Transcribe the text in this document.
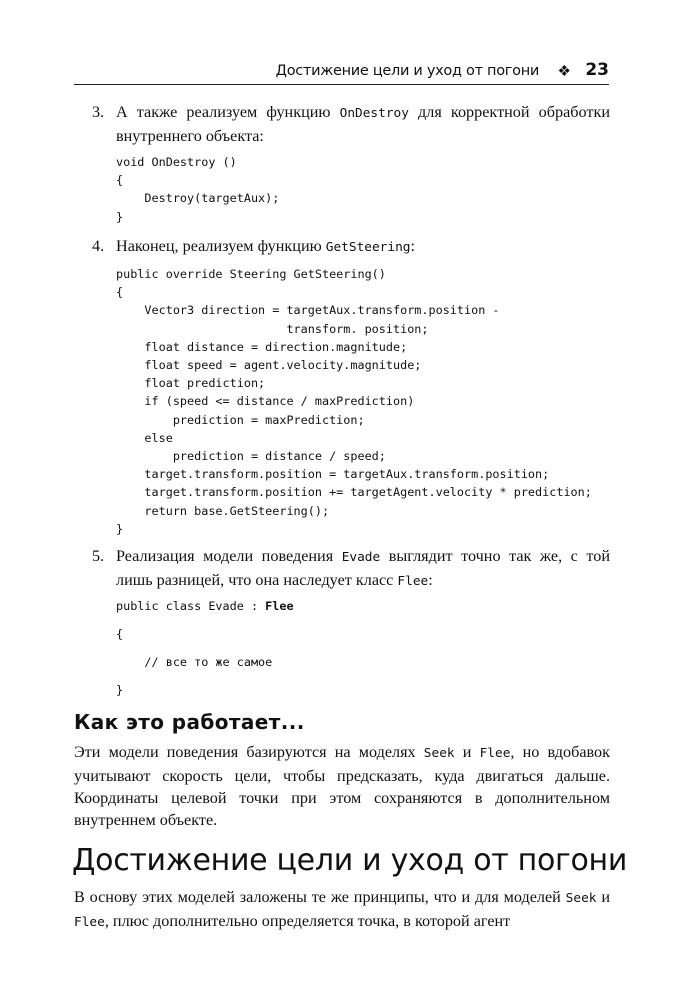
Достижение цели и уход от погони ❖ 23
3. А также реализуем функцию OnDestroy для корректной обработки внутреннего объекта:
void OnDestroy ()
{
Destroy(targetAux);
}
4. Наконец, реализуем функцию GetSteering:
public override Steering GetSteering()
{
Vector3 direction = targetAux.transform.position -
transform. position;
float distance = direction.magnitude;
float speed = agent.velocity.magnitude;
float prediction;
if (speed <= distance / maxPrediction)
prediction = maxPrediction;
else
prediction = distance / speed;
target.transform.position = targetAux.transform.position;
target.transform.position += targetAgent.velocity * prediction;
return base.GetSteering();
}
5. Реализация модели поведения Evade выглядит точно так же, с той лишь разницей, что она наследует класс Flee:
public class Evade : Flee
{
// все то же самое
}
Как это работает...
Эти модели поведения базируются на моделях Seek и Flee, но вдобавок учитывают скорость цели, чтобы предсказать, куда двигаться дальше. Координаты целевой точки при этом сохраняются в дополнительном внутреннем объекте.
Достижение цели и уход от погони
В основу этих моделей заложены те же принципы, что и для моделей Seek и Flee, плюс дополнительно определяется точка, в которой агент
